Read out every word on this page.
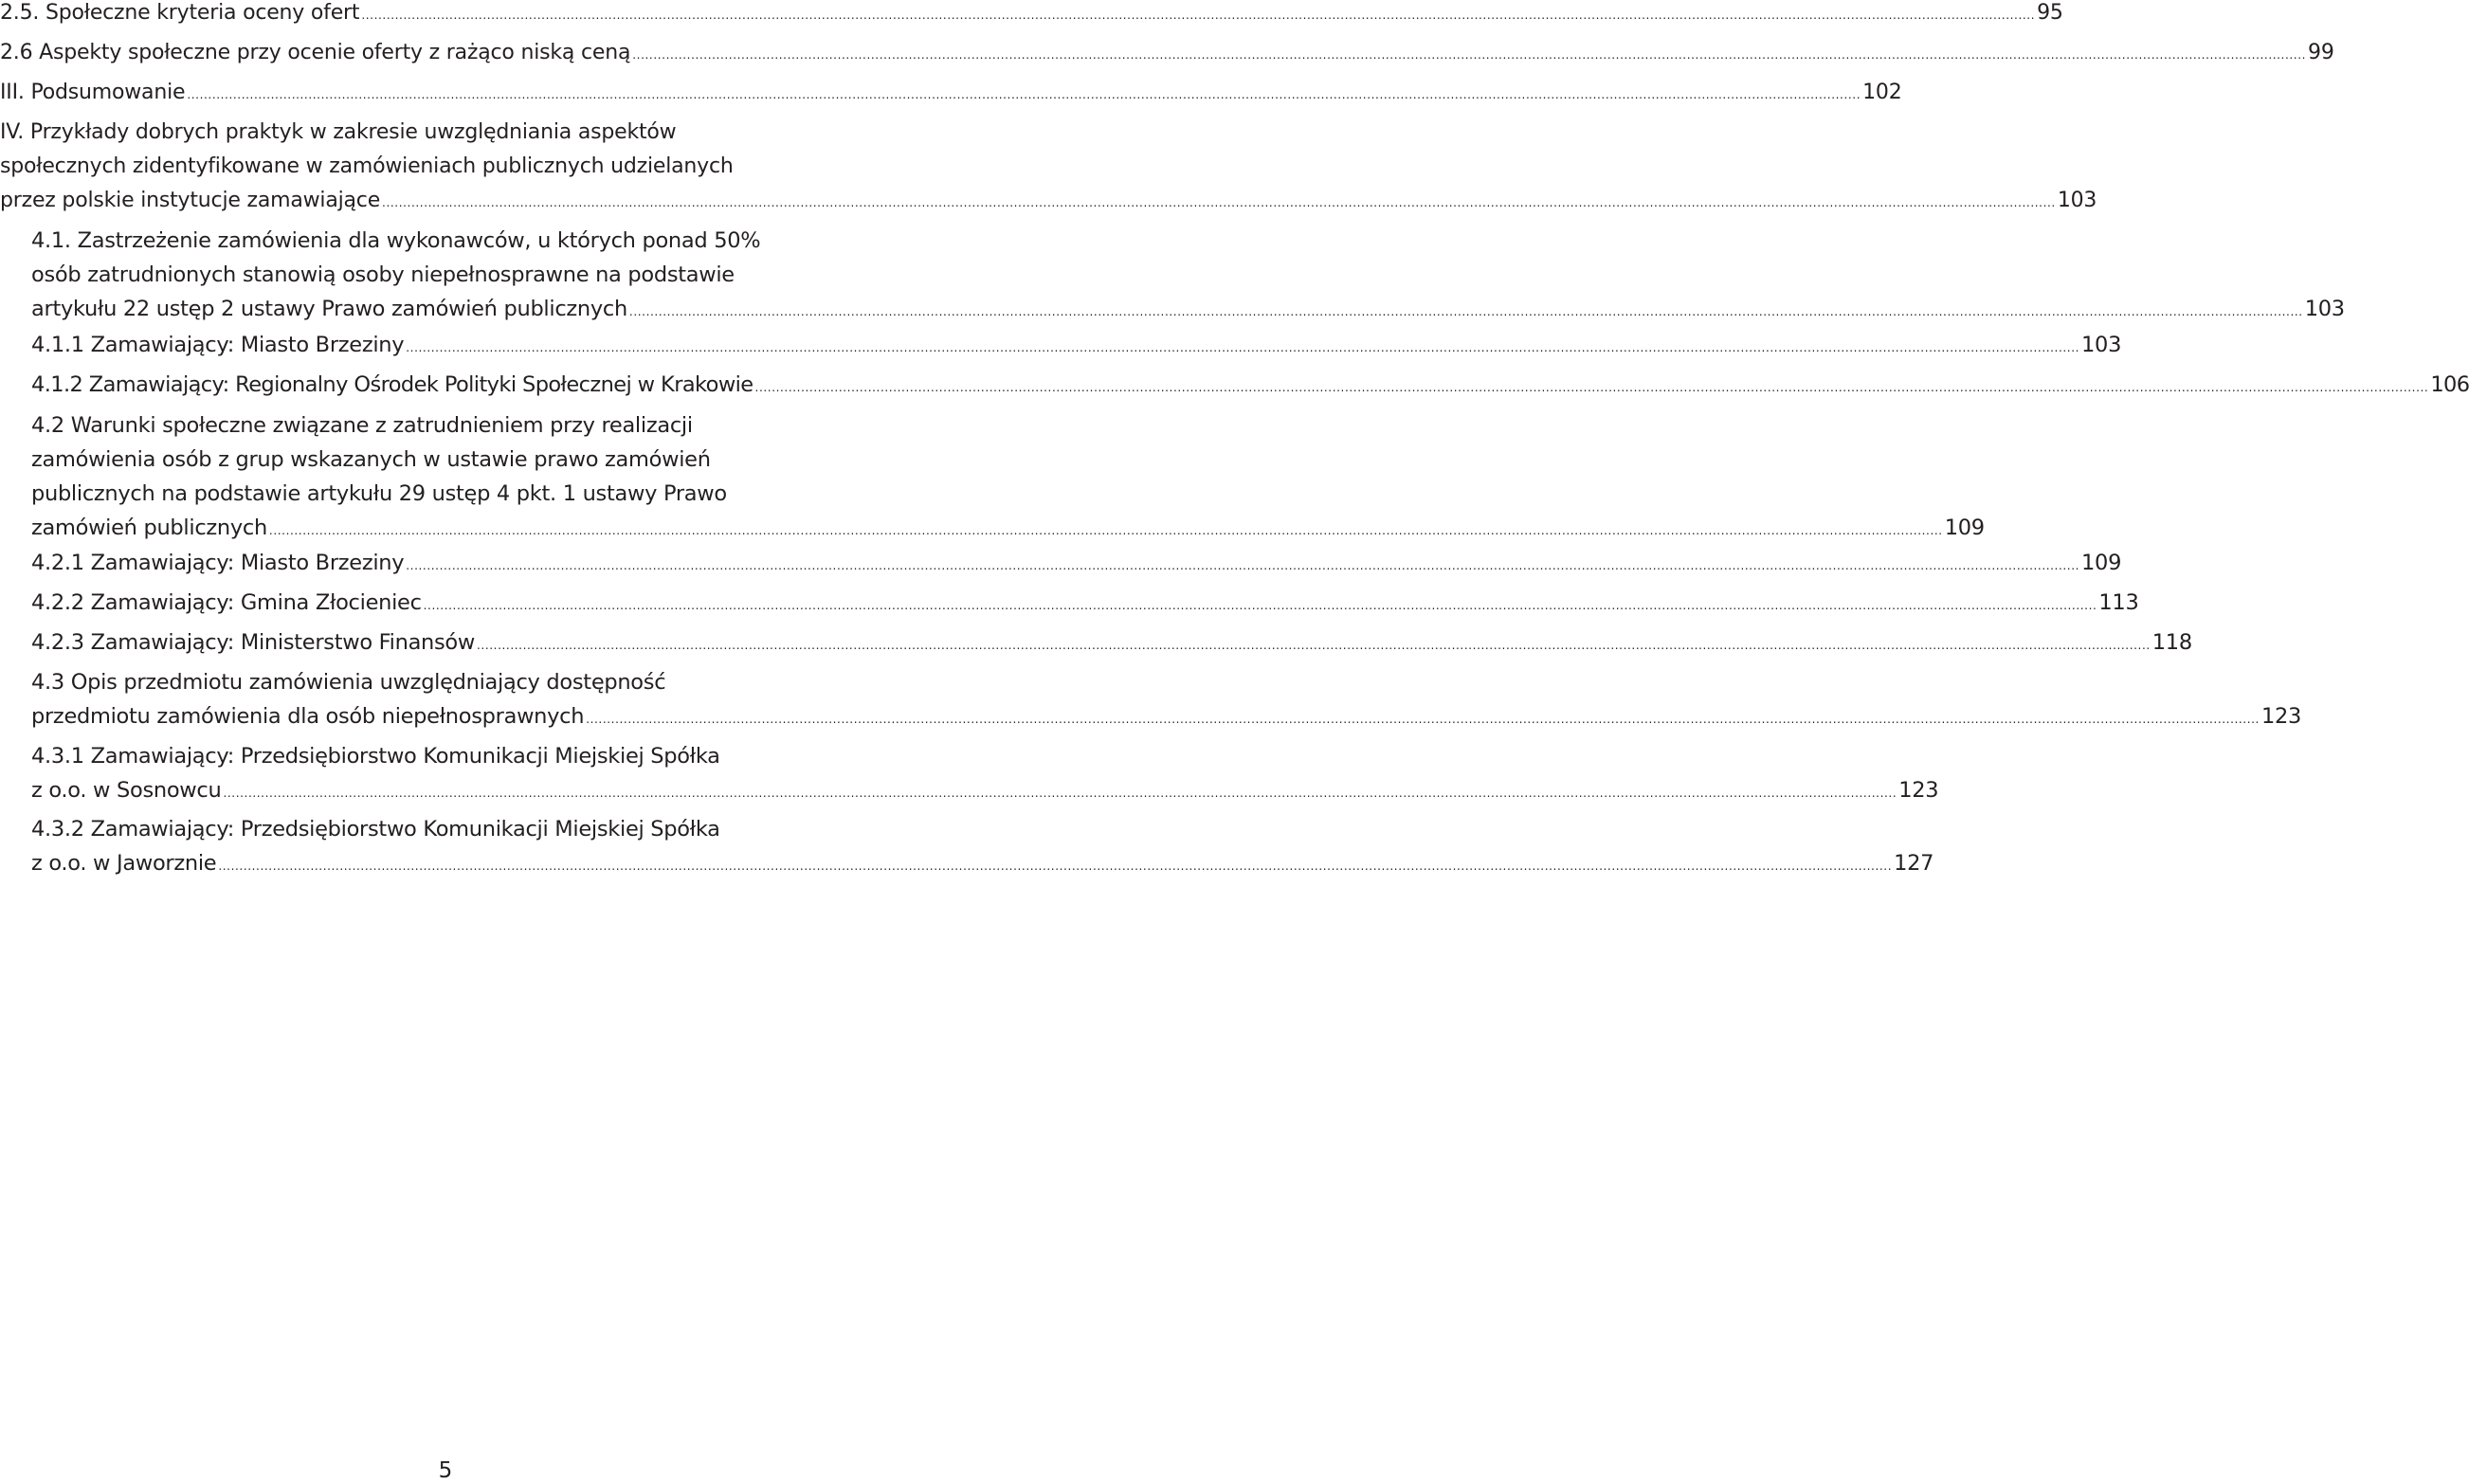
2.5. Społeczne kryteria oceny ofert ................................................................................................................................................................................................................................................................................................................................................................................................................ 95
2.6 Aspekty społeczne przy ocenie oferty z rażąco niską ceną ................................................................................................................................................................................................................................................................................................................................................................................................................ 99
III. Podsumowanie ................................................................................................................................................................................................................................................................................................................................................................................................................ 102
IV. Przykłady dobrych praktyk w zakresie uwzględniania aspektów
społecznych zidentyfikowane w zamówieniach publicznych udzielanych
przez polskie instytucje zamawiające ................................................................................................................................................................................................................................................................................................................................................................................................................ 103
4.1. Zastrzeżenie zamówienia dla wykonawców, u których ponad 50%
osób zatrudnionych stanowią osoby niepełnosprawne na podstawie
artykułu 22 ustęp 2 ustawy Prawo zamówień publicznych ................................................................................................................................................................................................................................................................................................................................................................................................................ 103
4.1.1 Zamawiający: Miasto Brzeziny ................................................................................................................................................................................................................................................................................................................................................................................................................ 103
4.1.2 Zamawiający: Regionalny Ośrodek Polityki Społecznej w Krakowie ................................................................................................................................................................................................................................................................................................................................................................................................................ 106
4.2 Warunki społeczne związane z zatrudnieniem przy realizacji
zamówienia osób z grup wskazanych w ustawie prawo zamówień
publicznych na podstawie artykułu 29 ustęp 4 pkt. 1 ustawy Prawo
zamówień publicznych ................................................................................................................................................................................................................................................................................................................................................................................................................ 109
4.2.1 Zamawiający: Miasto Brzeziny ................................................................................................................................................................................................................................................................................................................................................................................................................ 109
4.2.2 Zamawiający: Gmina Złocieniec ................................................................................................................................................................................................................................................................................................................................................................................................................ 113
4.2.3 Zamawiający: Ministerstwo Finansów ................................................................................................................................................................................................................................................................................................................................................................................................................ 118
4.3 Opis przedmiotu zamówienia uwzględniający dostępność
przedmiotu zamówienia dla osób niepełnosprawnych ................................................................................................................................................................................................................................................................................................................................................................................................................ 123
4.3.1 Zamawiający: Przedsiębiorstwo Komunikacji Miejskiej Spółka
z o.o. w Sosnowcu ................................................................................................................................................................................................................................................................................................................................................................................................................ 123
4.3.2 Zamawiający: Przedsiębiorstwo Komunikacji Miejskiej Spółka
z o.o. w Jaworznie ................................................................................................................................................................................................................................................................................................................................................................................................................ 127
5
